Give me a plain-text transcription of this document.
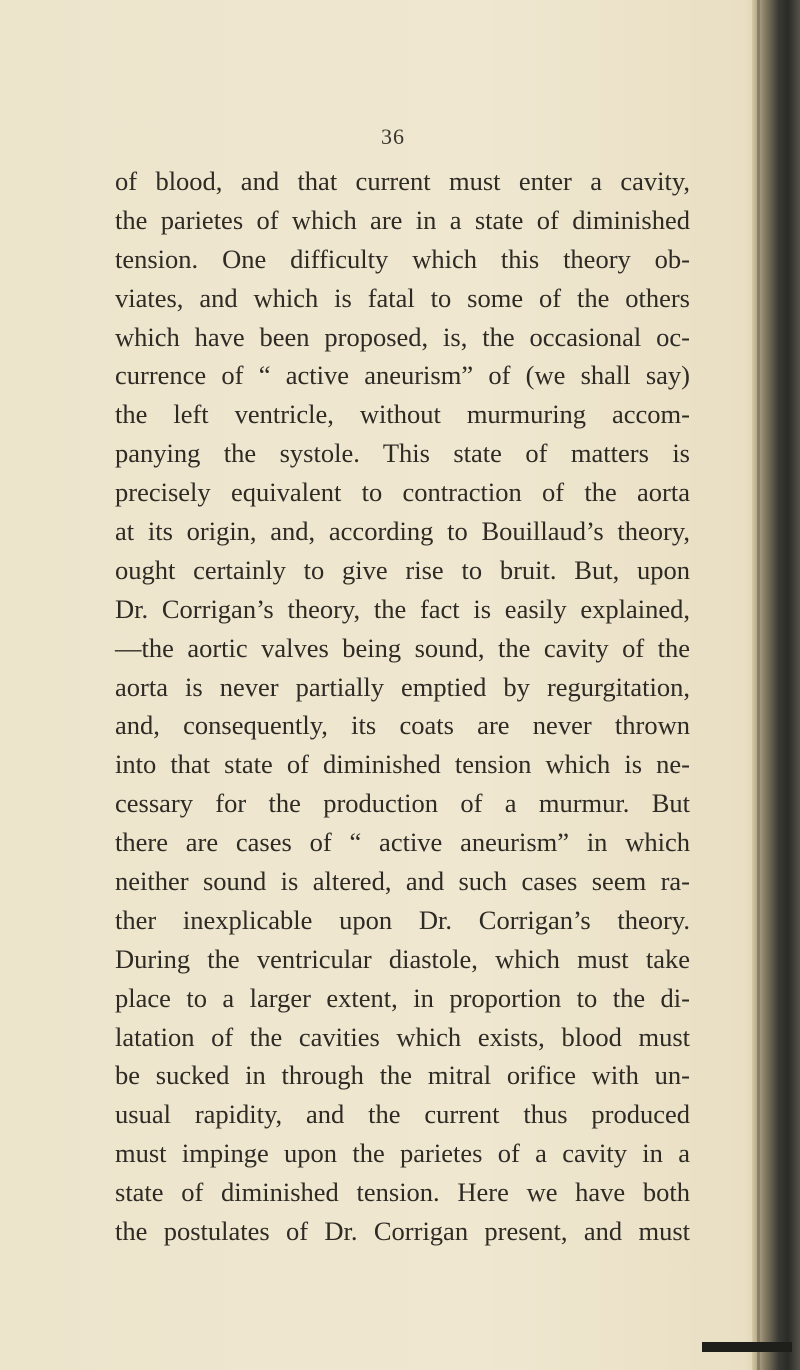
36
of blood, and that current must enter a cavity,
the parietes of which are in a state of diminished
tension. One difficulty which this theory ob-
viates, and which is fatal to some of the others
which have been proposed, is, the occasional oc-
currence of “ active aneurism” of (we shall say)
the left ventricle, without murmuring accom-
panying the systole. This state of matters is
precisely equivalent to contraction of the aorta
at its origin, and, according to Bouillaud’s theory,
ought certainly to give rise to bruit. But, upon
Dr. Corrigan’s theory, the fact is easily explained,
—the aortic valves being sound, the cavity of the
aorta is never partially emptied by regurgitation,
and, consequently, its coats are never thrown
into that state of diminished tension which is ne-
cessary for the production of a murmur. But
there are cases of “ active aneurism” in which
neither sound is altered, and such cases seem ra-
ther inexplicable upon Dr. Corrigan’s theory.
During the ventricular diastole, which must take
place to a larger extent, in proportion to the di-
latation of the cavities which exists, blood must
be sucked in through the mitral orifice with un-
usual rapidity, and the current thus produced
must impinge upon the parietes of a cavity in a
state of diminished tension. Here we have both
the postulates of Dr. Corrigan present, and must
